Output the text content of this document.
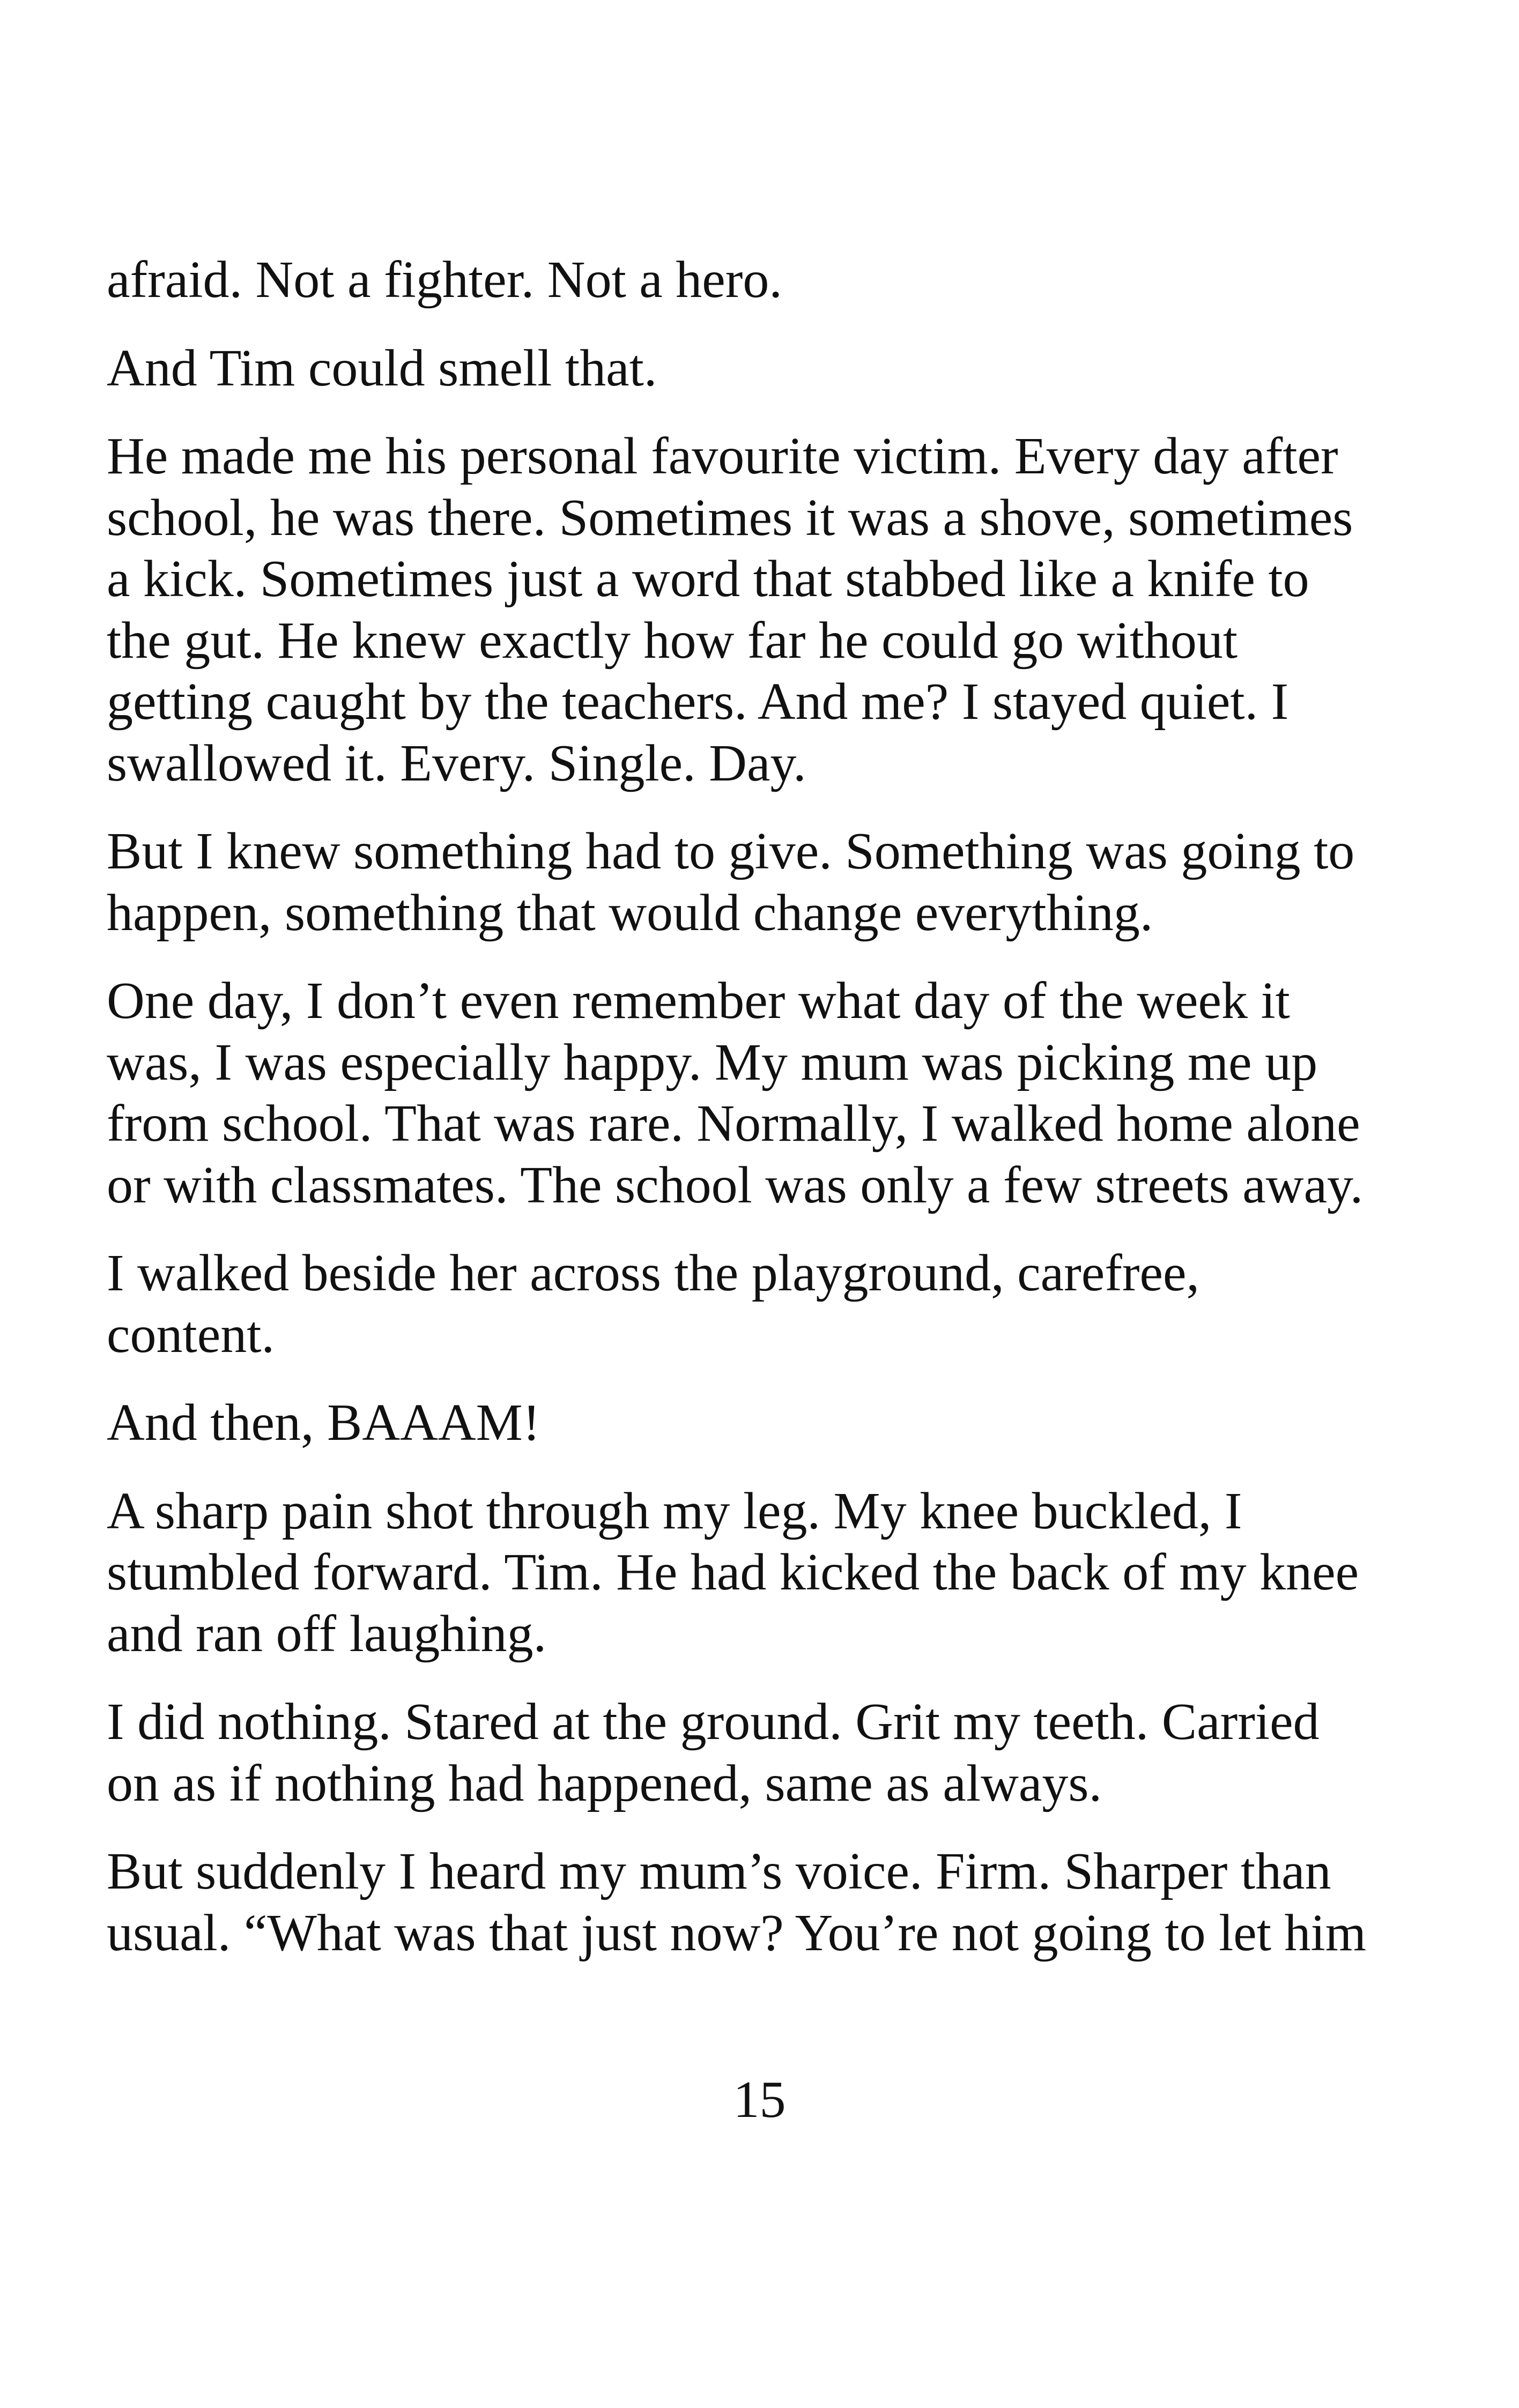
afraid. Not a fighter. Not a hero.

And Tim could smell that.

He made me his personal favourite victim. Every day after
school, he was there. Sometimes it was a shove, sometimes
a kick. Sometimes just a word that stabbed like a knife to
the gut. He knew exactly how far he could go without
getting caught by the teachers. And me? I stayed quiet. I
swallowed it. Every. Single. Day.

But I knew something had to give. Something was going to
happen, something that would change everything.

One day, I don’t even remember what day of the week it
was, I was especially happy. My mum was picking me up
from school. That was rare. Normally, I walked home alone
or with classmates. The school was only a few streets away.

I walked beside her across the playground, carefree,
content.

And then, BAAAM!

A sharp pain shot through my leg. My knee buckled, I
stumbled forward. Tim. He had kicked the back of my knee
and ran off laughing.

I did nothing. Stared at the ground. Grit my teeth. Carried
on as if nothing had happened, same as always.

But suddenly I heard my mum’s voice. Firm. Sharper than
usual. “What was that just now? You’re not going to let him

15
